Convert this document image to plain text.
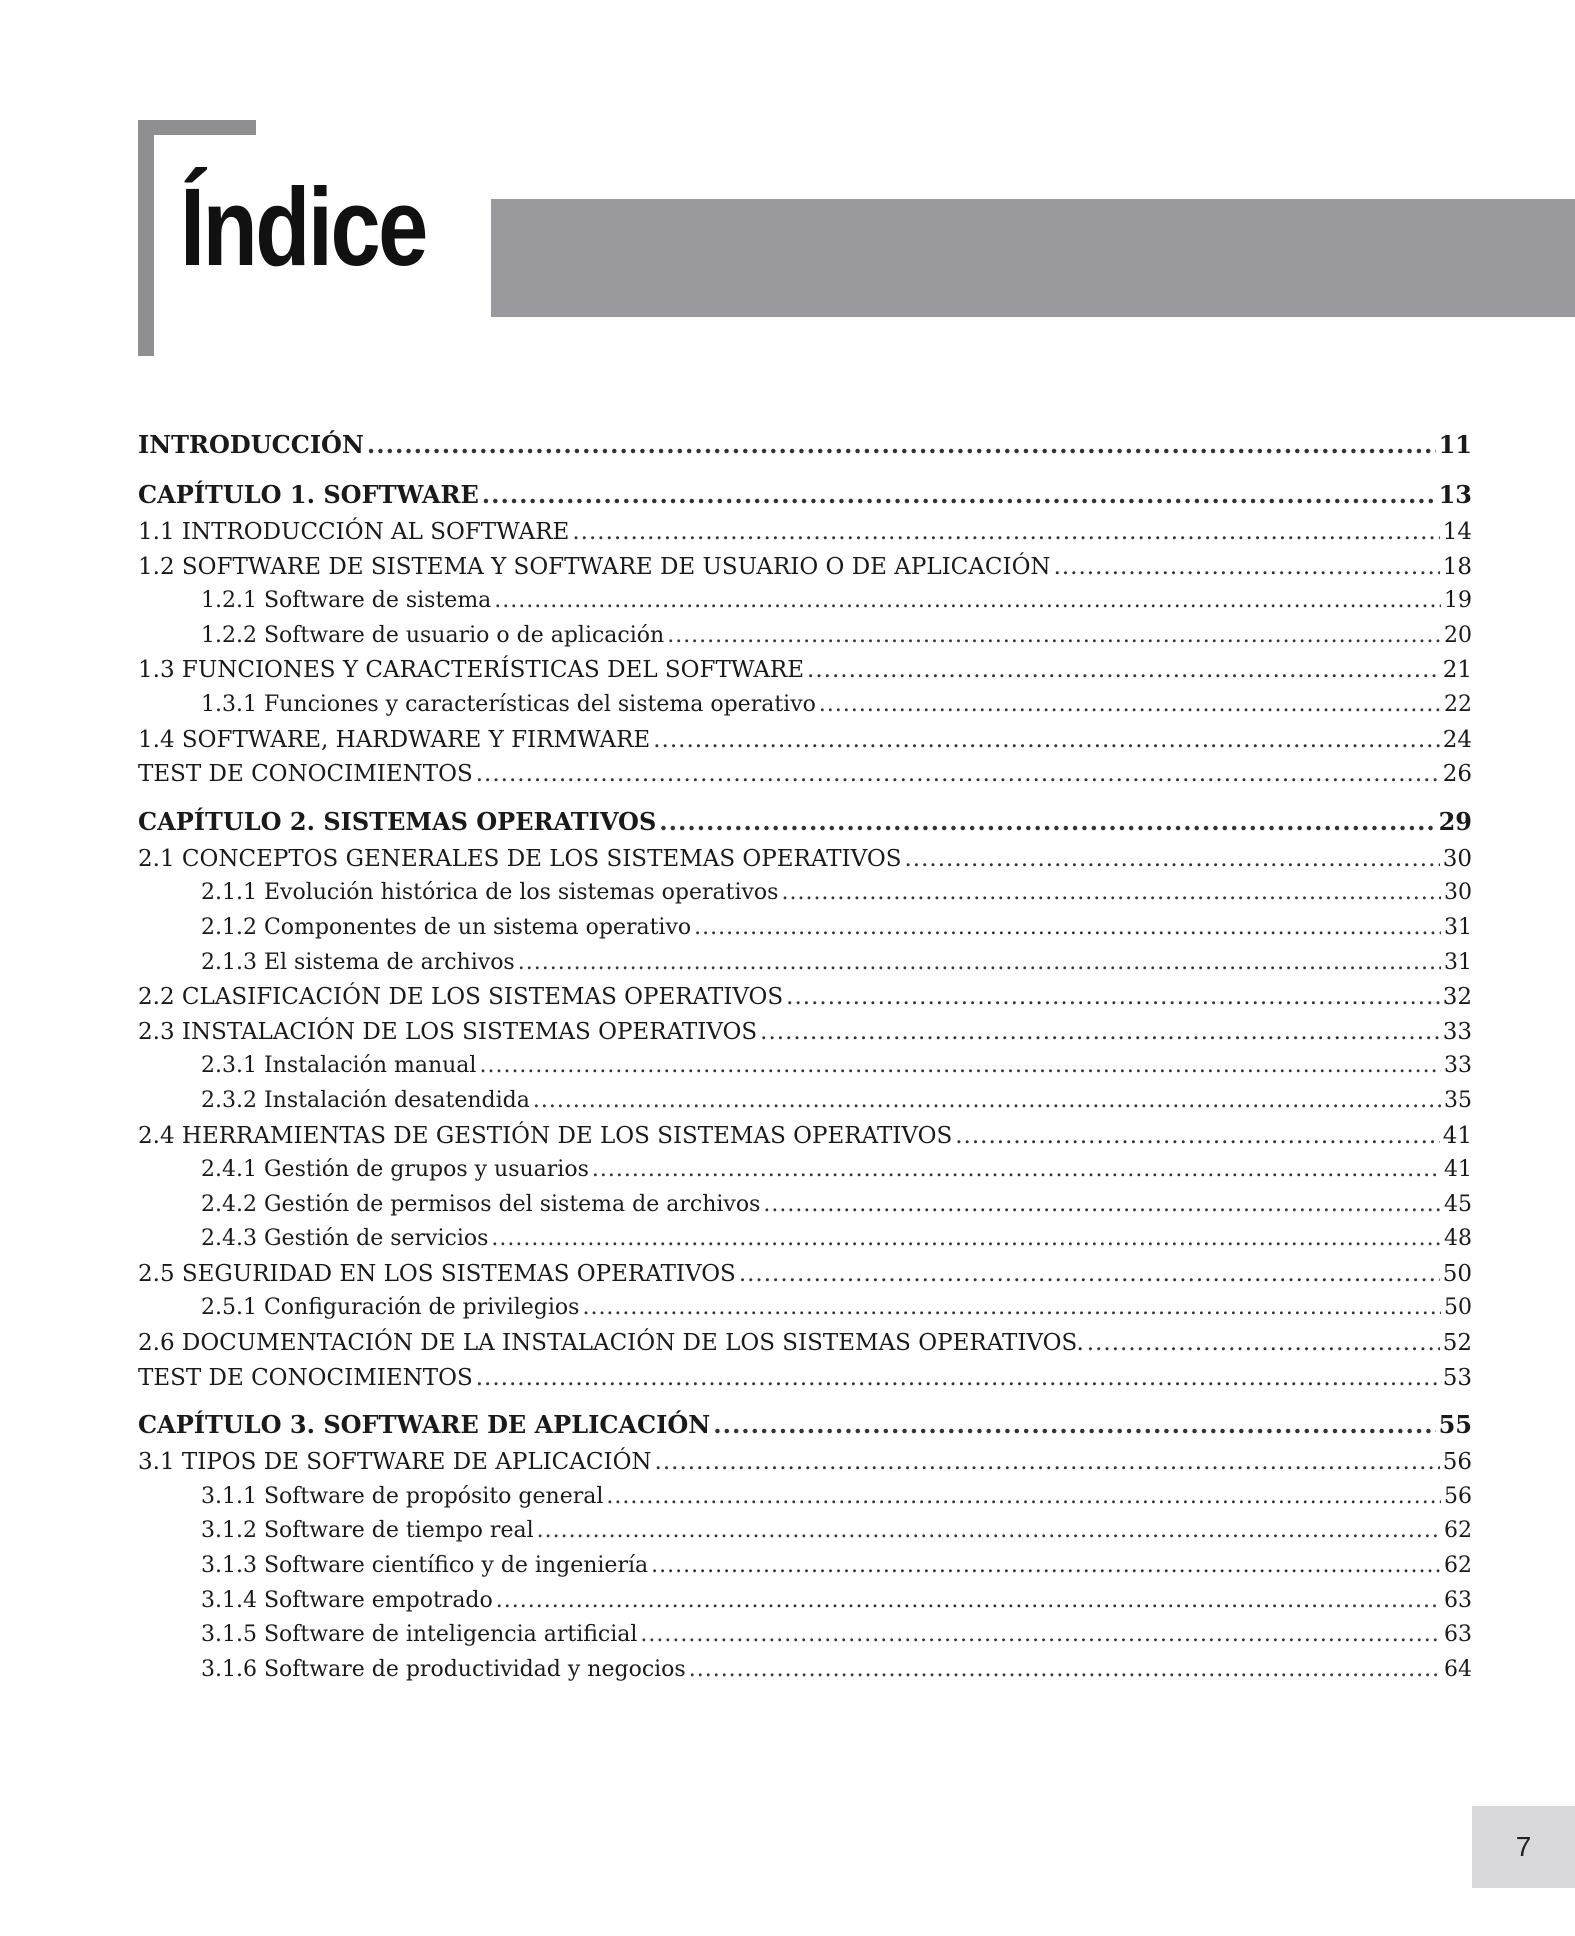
Índice
INTRODUCCIÓN .....	11
CAPÍTULO 1. SOFTWARE .....	13
1.1 INTRODUCCIÓN AL SOFTWARE .....	14
1.2 SOFTWARE DE SISTEMA Y SOFTWARE DE USUARIO O DE APLICACIÓN .....	18
1.2.1 Software de sistema .....	19
1.2.2 Software de usuario o de aplicación .....	20
1.3 FUNCIONES Y CARACTERÍSTICAS DEL SOFTWARE .....	21
1.3.1 Funciones y características del sistema operativo .....	22
1.4 SOFTWARE, HARDWARE Y FIRMWARE .....	24
TEST DE CONOCIMIENTOS .....	26
CAPÍTULO 2. SISTEMAS OPERATIVOS .....	29
2.1 CONCEPTOS GENERALES DE LOS SISTEMAS OPERATIVOS .....	30
2.1.1 Evolución histórica de los sistemas operativos .....	30
2.1.2 Componentes de un sistema operativo .....	31
2.1.3 El sistema de archivos .....	31
2.2 CLASIFICACIÓN DE LOS SISTEMAS OPERATIVOS .....	32
2.3 INSTALACIÓN DE LOS SISTEMAS OPERATIVOS .....	33
2.3.1 Instalación manual .....	33
2.3.2 Instalación desatendida .....	35
2.4 HERRAMIENTAS DE GESTIÓN DE LOS SISTEMAS OPERATIVOS .....	41
2.4.1 Gestión de grupos y usuarios .....	41
2.4.2 Gestión de permisos del sistema de archivos .....	45
2.4.3 Gestión de servicios .....	48
2.5 SEGURIDAD EN LOS SISTEMAS OPERATIVOS .....	50
2.5.1 Configuración de privilegios .....	50
2.6 DOCUMENTACIÓN DE LA INSTALACIÓN DE LOS SISTEMAS OPERATIVOS. .....	52
TEST DE CONOCIMIENTOS .....	53
CAPÍTULO 3. SOFTWARE DE APLICACIÓN .....	55
3.1 TIPOS DE SOFTWARE DE APLICACIÓN .....	56
3.1.1 Software de propósito general .....	56
3.1.2 Software de tiempo real .....	62
3.1.3 Software científico y de ingeniería .....	62
3.1.4 Software empotrado .....	63
3.1.5 Software de inteligencia artificial .....	63
3.1.6 Software de productividad y negocios .....	64
7
